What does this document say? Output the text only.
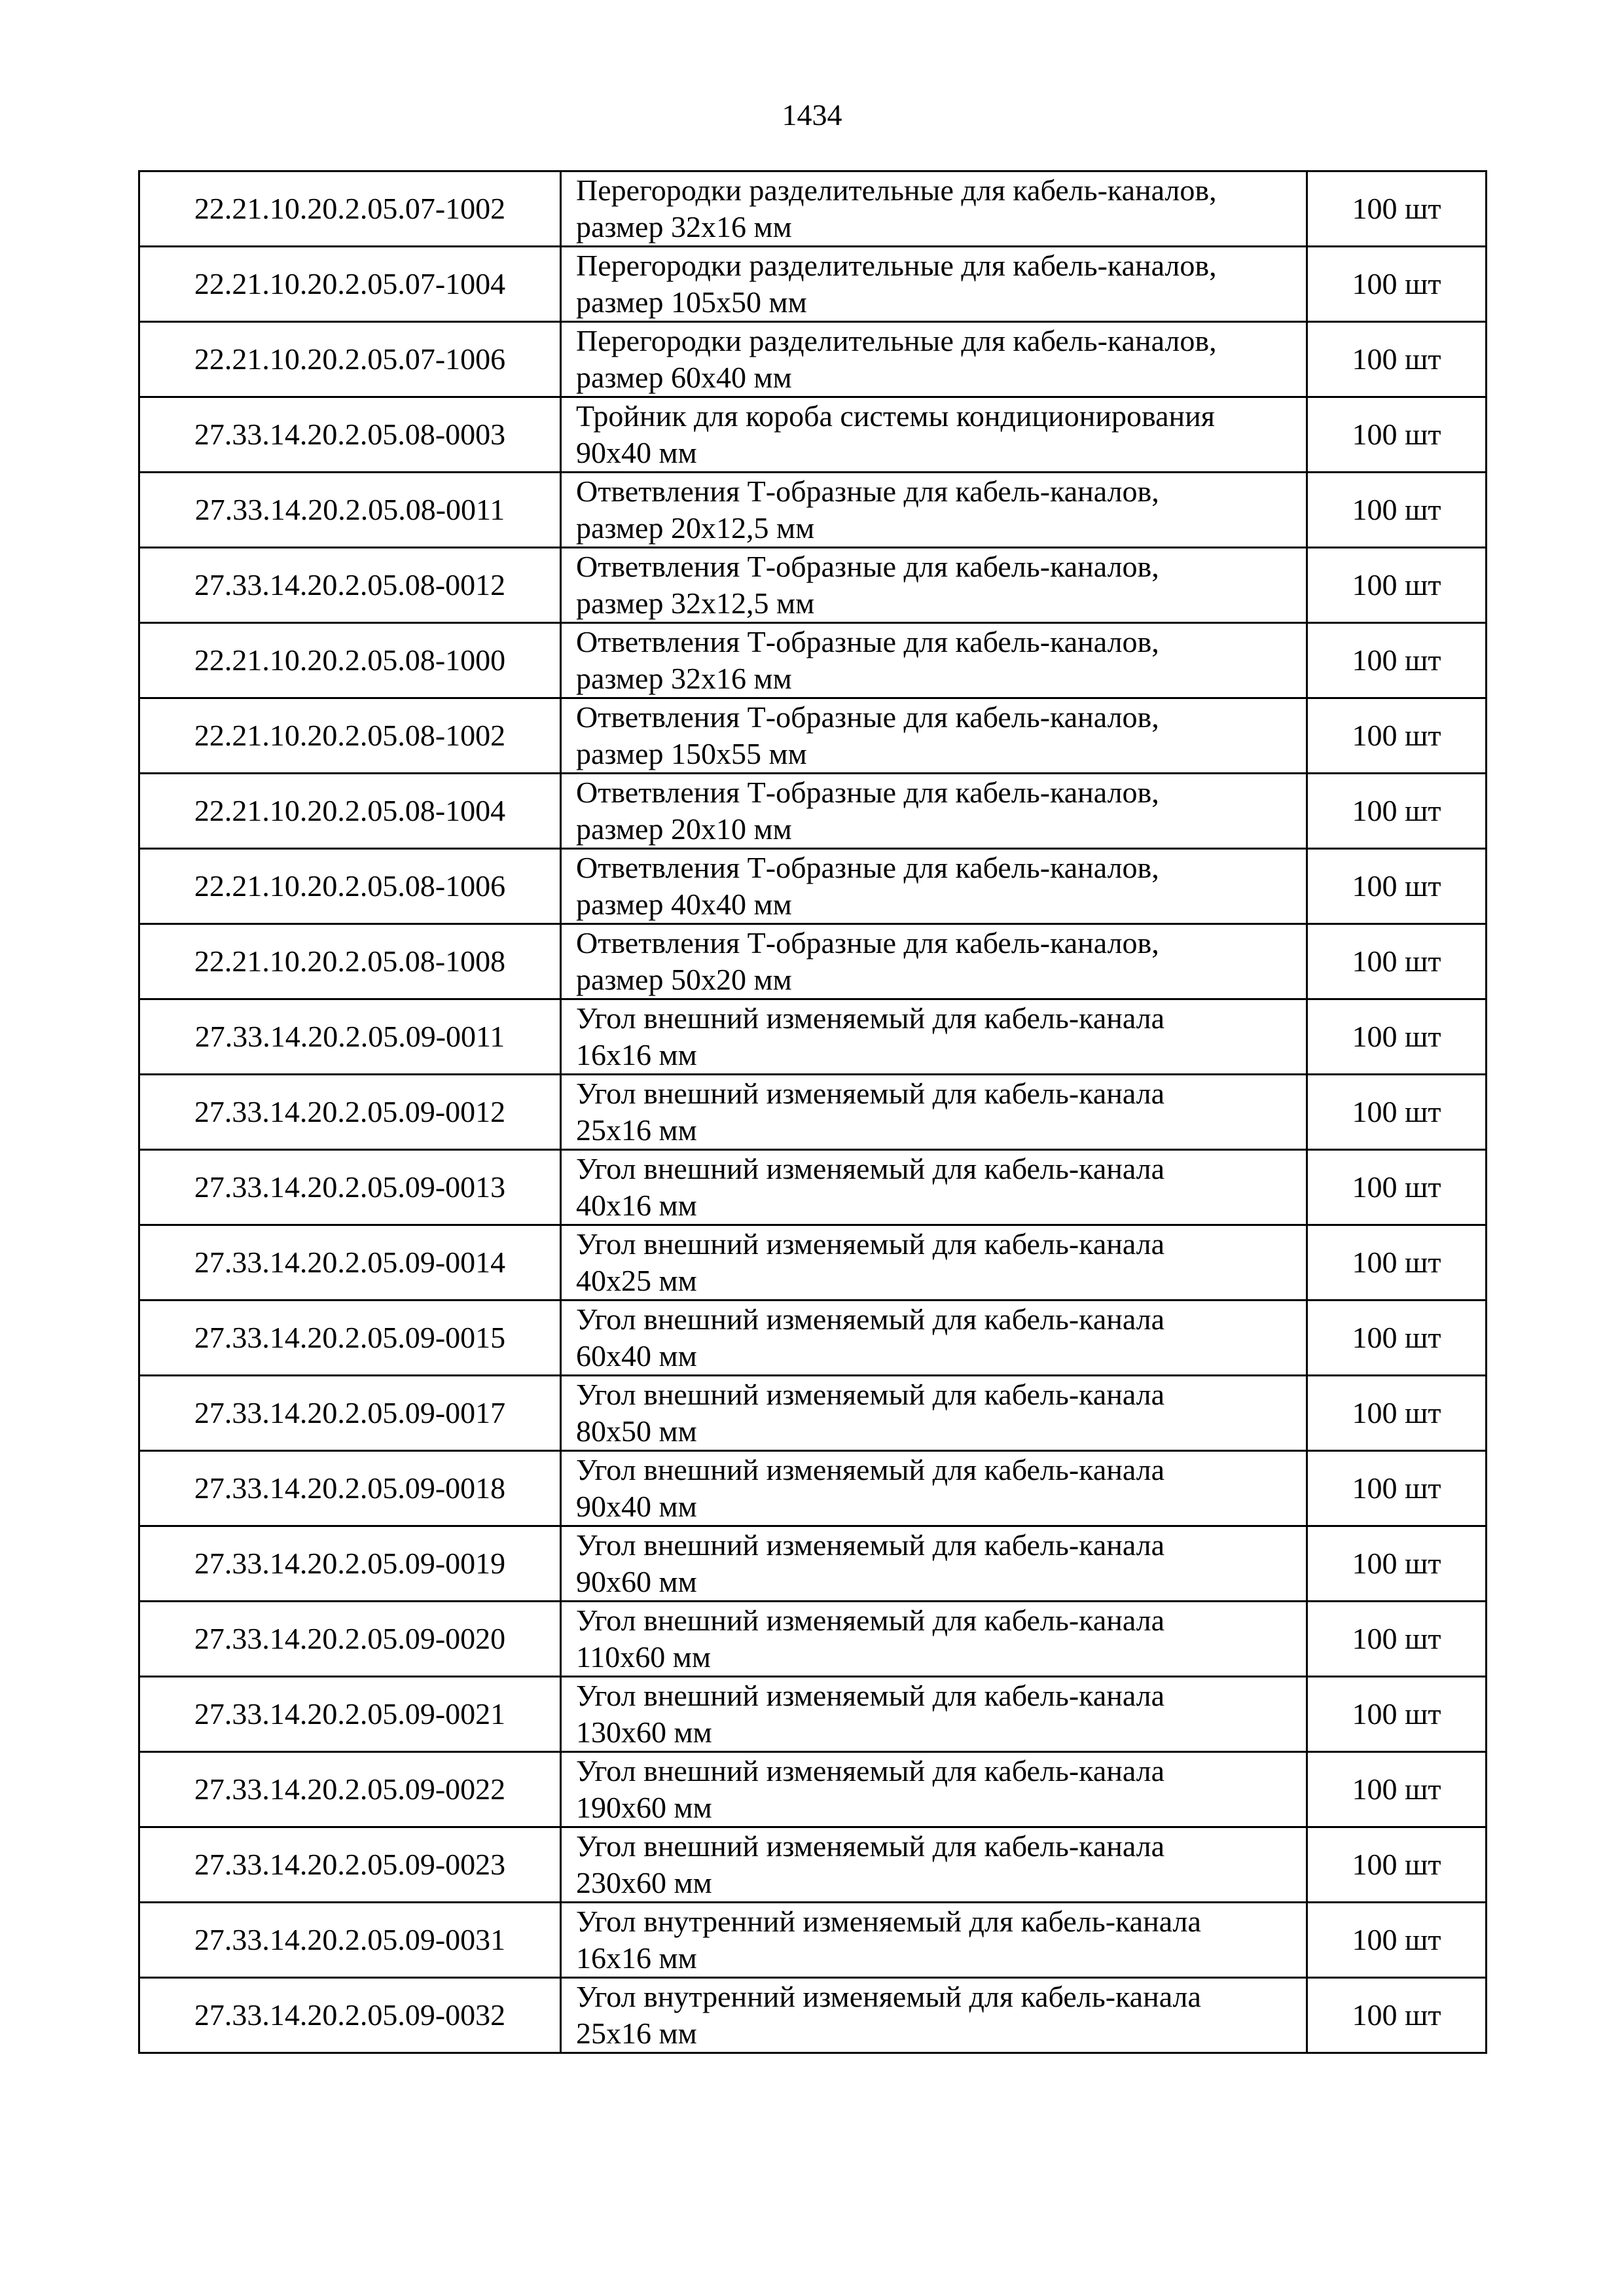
1434
22.21.10.20.2.05.07-1002	Перегородки разделительные для кабель-каналов,
размер 32х16 мм	100 шт
22.21.10.20.2.05.07-1004	Перегородки разделительные для кабель-каналов,
размер 105х50 мм	100 шт
22.21.10.20.2.05.07-1006	Перегородки разделительные для кабель-каналов,
размер 60х40 мм	100 шт
27.33.14.20.2.05.08-0003	Тройник для короба системы кондиционирования
90х40 мм	100 шт
27.33.14.20.2.05.08-0011	Ответвления Т-образные для кабель-каналов,
размер 20х12,5 мм	100 шт
27.33.14.20.2.05.08-0012	Ответвления Т-образные для кабель-каналов,
размер 32х12,5 мм	100 шт
22.21.10.20.2.05.08-1000	Ответвления Т-образные для кабель-каналов,
размер 32х16 мм	100 шт
22.21.10.20.2.05.08-1002	Ответвления Т-образные для кабель-каналов,
размер 150х55 мм	100 шт
22.21.10.20.2.05.08-1004	Ответвления Т-образные для кабель-каналов,
размер 20х10 мм	100 шт
22.21.10.20.2.05.08-1006	Ответвления Т-образные для кабель-каналов,
размер 40х40 мм	100 шт
22.21.10.20.2.05.08-1008	Ответвления Т-образные для кабель-каналов,
размер 50х20 мм	100 шт
27.33.14.20.2.05.09-0011	Угол внешний изменяемый для кабель-канала
16х16 мм	100 шт
27.33.14.20.2.05.09-0012	Угол внешний изменяемый для кабель-канала
25х16 мм	100 шт
27.33.14.20.2.05.09-0013	Угол внешний изменяемый для кабель-канала
40х16 мм	100 шт
27.33.14.20.2.05.09-0014	Угол внешний изменяемый для кабель-канала
40х25 мм	100 шт
27.33.14.20.2.05.09-0015	Угол внешний изменяемый для кабель-канала
60х40 мм	100 шт
27.33.14.20.2.05.09-0017	Угол внешний изменяемый для кабель-канала
80х50 мм	100 шт
27.33.14.20.2.05.09-0018	Угол внешний изменяемый для кабель-канала
90х40 мм	100 шт
27.33.14.20.2.05.09-0019	Угол внешний изменяемый для кабель-канала
90х60 мм	100 шт
27.33.14.20.2.05.09-0020	Угол внешний изменяемый для кабель-канала
110х60 мм	100 шт
27.33.14.20.2.05.09-0021	Угол внешний изменяемый для кабель-канала
130х60 мм	100 шт
27.33.14.20.2.05.09-0022	Угол внешний изменяемый для кабель-канала
190х60 мм	100 шт
27.33.14.20.2.05.09-0023	Угол внешний изменяемый для кабель-канала
230х60 мм	100 шт
27.33.14.20.2.05.09-0031	Угол внутренний изменяемый для кабель-канала
16х16 мм	100 шт
27.33.14.20.2.05.09-0032	Угол внутренний изменяемый для кабель-канала
25х16 мм	100 шт
